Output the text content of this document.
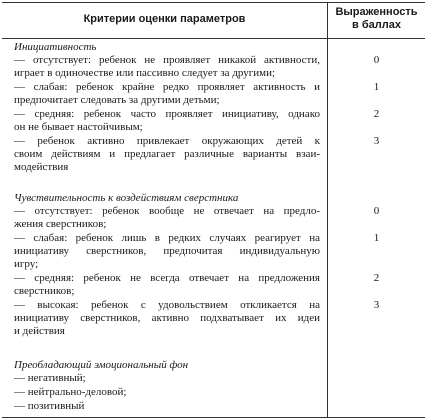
Критерии оценки параметров
Выраженность
в баллах
Инициативность
— отсутствует: ребенок не проявляет никакой активности,
играет в одиночестве или пассивно следует за другими;
0
— слабая: ребенок крайне редко проявляет активность и
предпочитает следовать за другими детьми;
1
— средняя: ребенок часто проявляет инициативу, однако
он не бывает настойчивым;
2
— ребенок активно привлекает окружающих детей к
своим действиям и предлагает различные варианты взаи-
модействия
3
Чувствительность к воздействиям сверстника
— отсутствует: ребенок вообще не отвечает на предло-
жения сверстников;
0
— слабая: ребенок лишь в редких случаях реагирует на
инициативу сверстников, предпочитая индивидуальную
игру;
1
— средняя: ребенок не всегда отвечает на предложения
сверстников;
2
— высокая: ребенок с удовольствием откликается на
инициативу сверстников, активно подхватывает их идеи
и действия
3
Преобладающий эмоциональный фон
— негативный;
— нейтрально-деловой;
— позитивный
